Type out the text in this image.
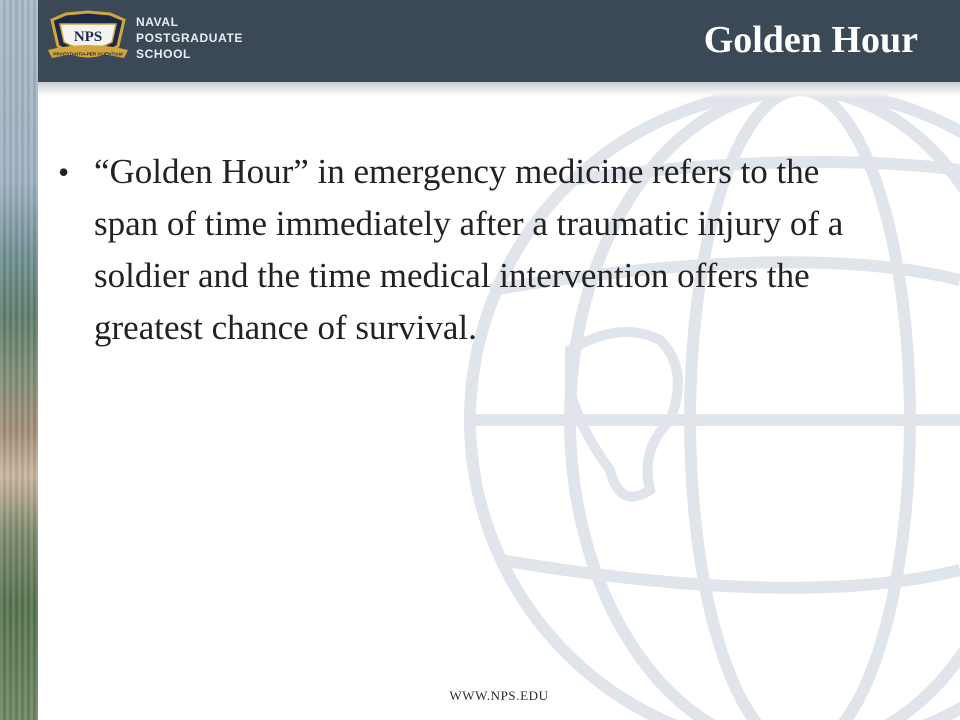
NPS
PRAESTANTIA PER SCIENTIAM
NAVAL
POSTGRADUATE
SCHOOL	Golden Hour
• “Golden Hour” in emergency medicine refers to the span of time immediately after a traumatic injury of a soldier and the time medical intervention offers the greatest chance of survival.

WWW.NPS.EDU
